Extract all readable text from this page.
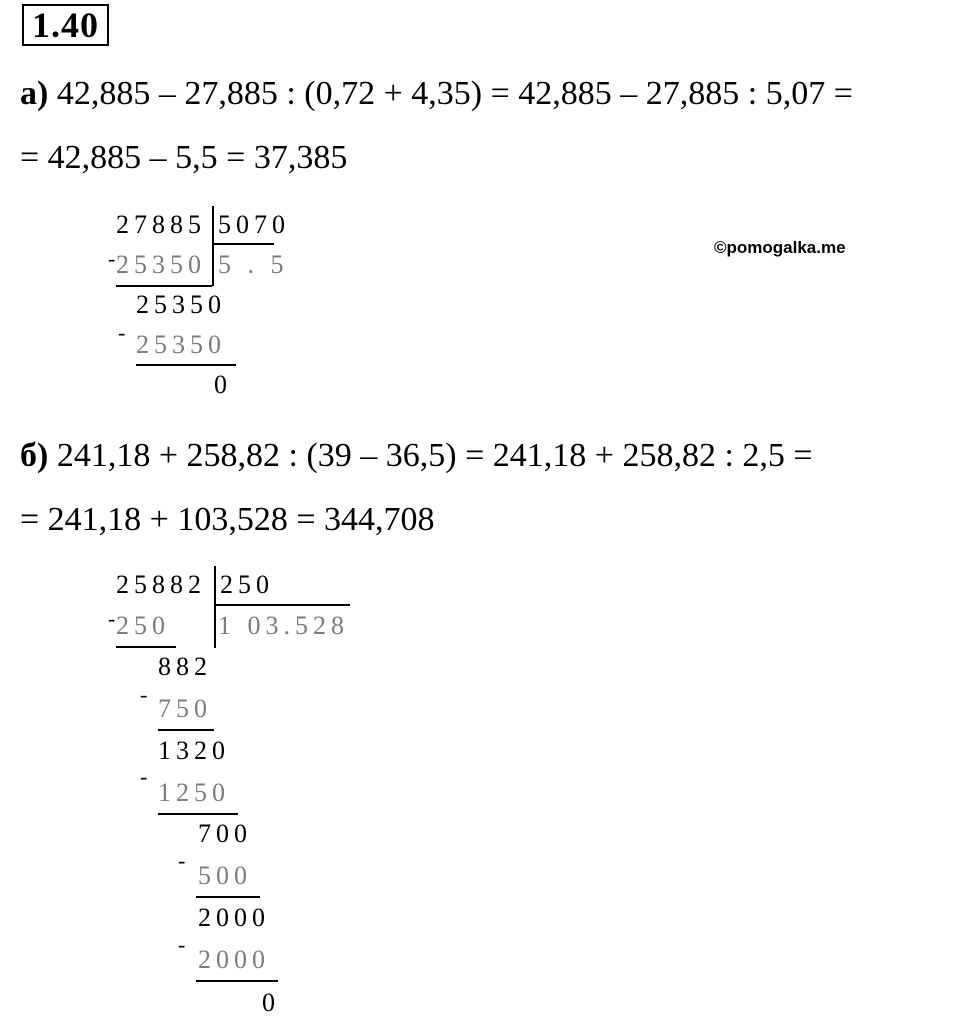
1.40
а) 42,885 – 27,885 : (0,72 + 4,35) = 42,885 – 27,885 : 5,07 =
= 42,885 – 5,5 = 37,385
27885 5070
- 25350 5 . 5
25350
- 25350
0
©pomogalka.me
б) 241,18 + 258,82 : (39 – 36,5) = 241,18 + 258,82 : 2,5 =
= 241,18 + 103,528 = 344,708
25882 250
- 250 1 03.528
882
- 750
1320
-
1250
700
-
500
2000
-
2000
0
